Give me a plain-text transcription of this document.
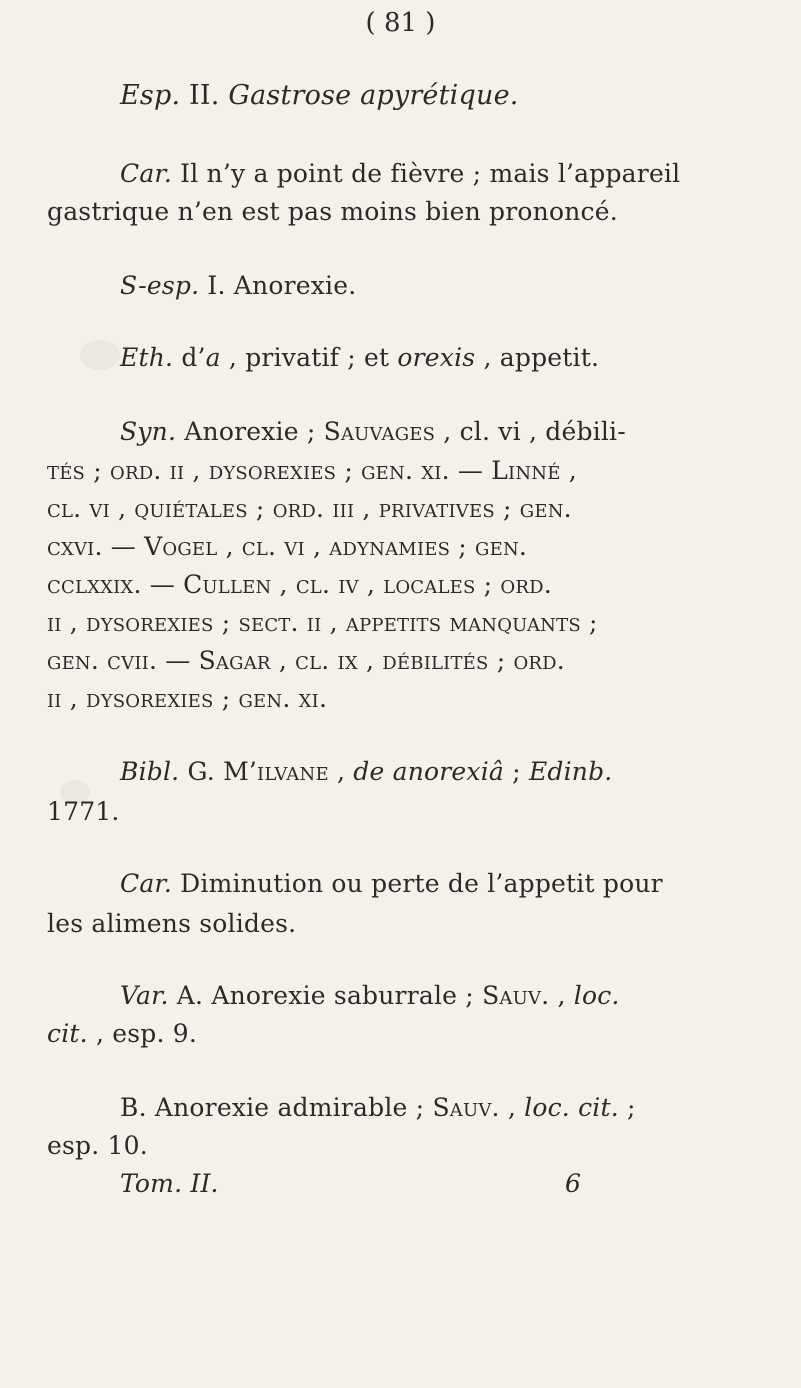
( 81 )
Esp. II. Gastrose apyrétique.
Car. Il n’y a point de fièvre ; mais l’appareil
gastrique n’en est pas moins bien prononcé.
S-esp. I. Anorexie.
Eth. d’a , privatif ; et orexis , appetit.
Syn. Anorexie ; Sauvages , cl. vi , débili-
tés ; ord. ii , dysorexies ; gen. xi. — Linné ,
cl. vi , quiétales ; ord. iii , privatives ; gen.
cxvi. — Vogel , cl. vi , adynamies ; gen.
cclxxix. — Cullen , cl. iv , locales ; ord.
ii , dysorexies ; sect. ii , appetits manquants ;
gen. cvii. — Sagar , cl. ix , débilités ; ord.
ii , dysorexies ; gen. xi.
Bibl. G. M’ilvane , de anorexiâ ; Edinb.
1771.
Car. Diminution ou perte de l’appetit pour
les alimens solides.
Var. A. Anorexie saburrale ; Sauv. , loc.
cit. , esp. 9.
B. Anorexie admirable ; Sauv. , loc. cit. ;
esp. 10.
Tom. II.	6
